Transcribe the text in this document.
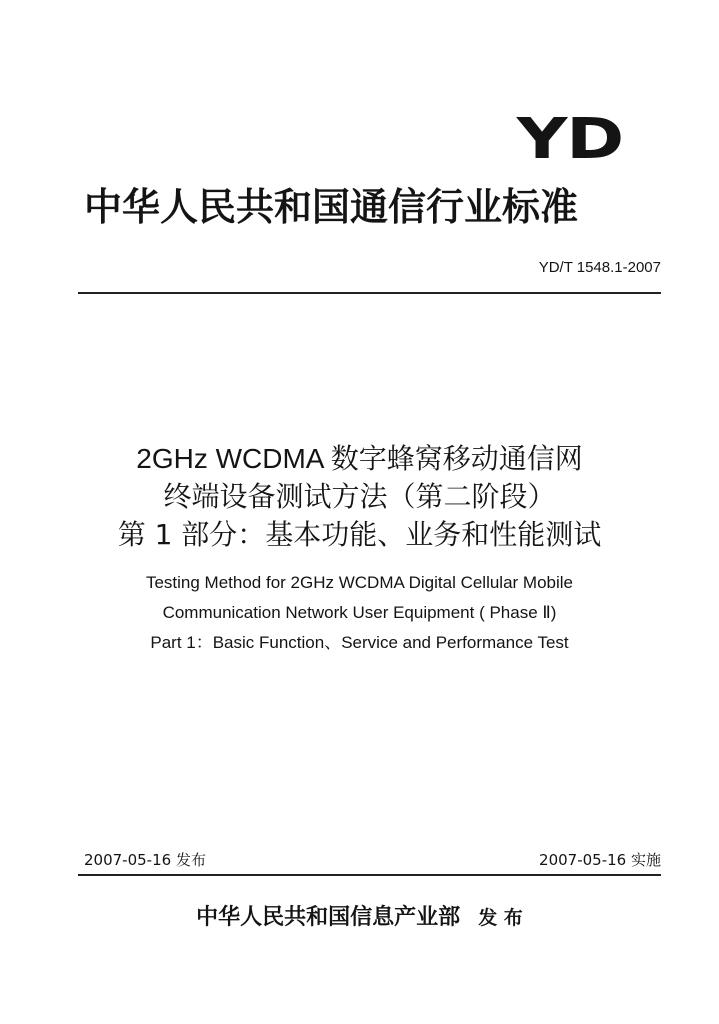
YD
中华人民共和国通信行业标准
YD/T 1548.1-2007
2GHz WCDMA 数字蜂窝移动通信网
终端设备测试方法（第二阶段）
第 1 部分：基本功能、业务和性能测试
Testing Method for 2GHz WCDMA Digital Cellular Mobile
Communication Network User Equipment ( Phase Ⅱ)
Part 1：Basic Function、Service and Performance Test
2007-05-16 发布	2007-05-16 实施
中华人民共和国信息产业部 发 布
